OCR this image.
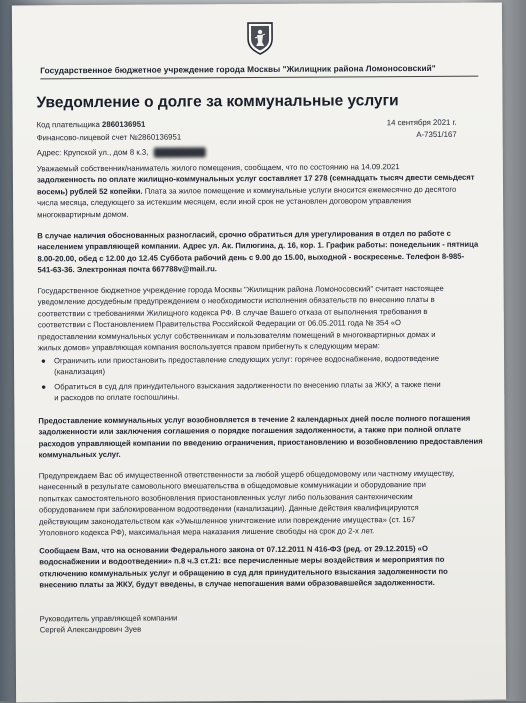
Государственное бюджетное учреждение города Москвы "Жилищник района Ломоносовский"
Уведомление о долге за коммунальные услуги
Код плательщика 2860136951
Финансово-лицевой счет №2860136951
Адрес: Крупской ул., дом 8 к.3,
14 сентября 2021 г.
А-7351/167
Уважаемый собственник/наниматель жилого помещения, сообщаем, что по состоянию на 14.09.2021
задолженность по оплате жилищно-коммунальных услуг составляет 17 278 (семнадцать тысяч двести семьдесят
восемь) рублей 52 копейки. Плата за жилое помещение и коммунальные услуги вносится ежемесячно до десятого
числа месяца, следующего за истекшим месяцем, если иной срок не установлен договором управления
многоквартирным домом.
В случае наличия обоснованных разногласий, срочно обратиться для урегулирования в отдел по работе с
населением управляющей компании. Адрес ул. Ак. Пилюгина, д. 16, кор. 1. График работы: понедельник - пятница
8.00-20.00, обед с 12.00 до 12.45 Суббота рабочий день с 9.00 до 15.00, выходной - воскресенье. Телефон 8-985-
541-63-36. Электронная почта 667788v@mail.ru.
Государственное бюджетное учреждение города Москвы "Жилищник района Ломоносовский" считает настоящее
уведомление досудебным предупреждением о необходимости исполнения обязательств по внесению платы в
соответствии с требованиями Жилищного кодекса РФ. В случае Вашего отказа от выполнения требования в
соответствии с Постановлением Правительства Российской Федерации от 06.05.2011 года № 354 «О
предоставлении коммунальных услуг собственникам и пользователям помещений в многоквартирных домах и
жилых домов» управляющая компания воспользуется правом прибегнуть к следующим мерам:
● Ограничить или приостановить предоставление следующих услуг: горячее водоснабжение, водоотведение
(канализация)
● Обратиться в суд для принудительного взыскания задолженности по внесению платы за ЖКУ, а также пени
и расходов по оплате госпошлины.
Предоставление коммунальных услуг возобновляется в течение 2 календарных дней после полного погашения
задолженности или заключения соглашения о порядке погашения задолженности, а также при полной оплате
расходов управляющей компании по введению ограничения, приостановлению и возобновлению предоставления
коммунальных услуг.
Предупреждаем Вас об имущественной ответственности за любой ущерб общедомовому или частному имуществу,
нанесенный в результате самовольного вмешательства в общедомовые коммуникации и оборудование при
попытках самостоятельного возобновления приостановленных услуг либо пользования сантехническим
оборудованием при заблокированном водоотведении (канализации). Данные действия квалифицируются
действующим законодательством как «Умышленное уничтожение или повреждение имущества» (ст. 167
Уголовного кодекса РФ), максимальная мера наказания лишение свободы на срок до 2-х лет.
Сообщаем Вам, что на основании Федерального закона от 07.12.2011 N 416-ФЗ (ред. от 29.12.2015) «О
водоснабжении и водоотведении» п.8 ч.3 ст.21: все перечисленные меры воздействия и мероприятия по
отключению коммунальных услуг и обращению в суд для принудительного взыскания задолженности по
внесению платы за ЖКУ, будут введены, в случае непогашения вами образовавшейся задолженности.
Руководитель управляющей компании
Сергей Александрович Зуев
